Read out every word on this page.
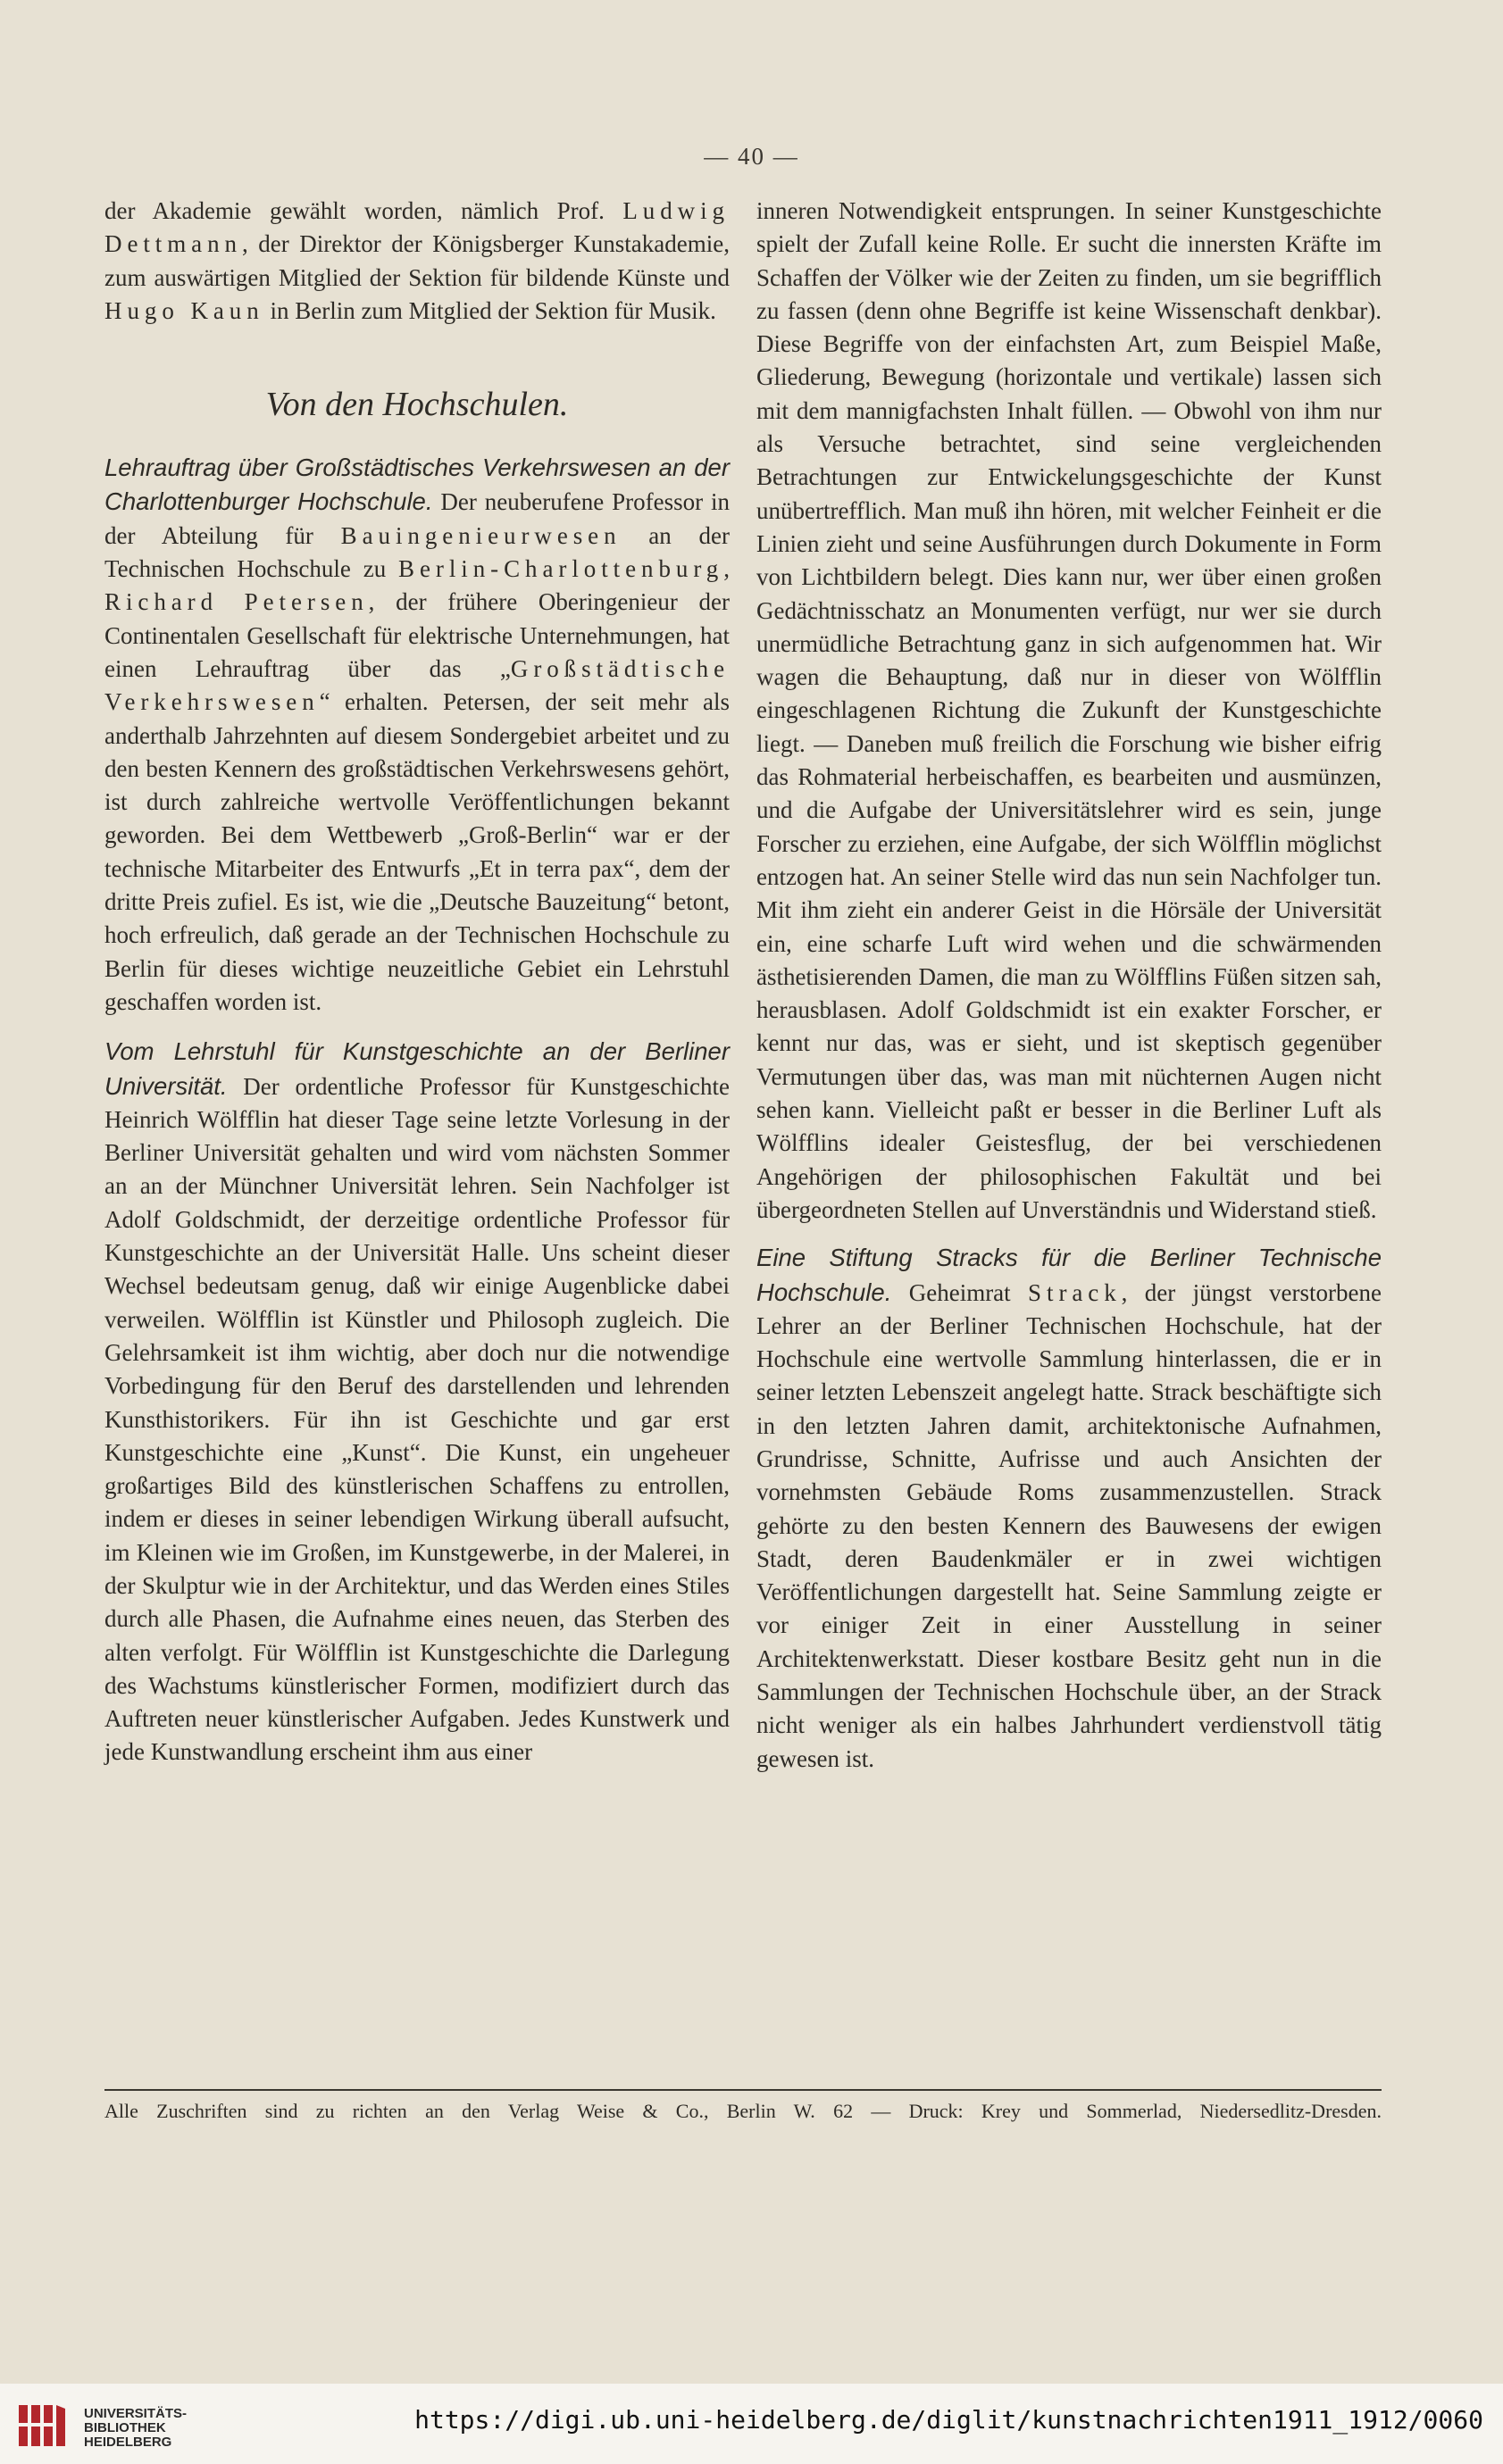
— 40 —

der Akademie gewählt worden, nämlich Prof. Ludwig Dettmann, der Direktor der Königsberger Kunstakademie, zum auswärtigen Mitglied der Sektion für bildende Künste und Hugo Kaun in Berlin zum Mitglied der Sektion für Musik.

Von den Hochschulen.

Lehrauftrag über Großstädtisches Verkehrswesen an der Charlottenburger Hochschule. Der neuberufene Professor in der Abteilung für Bauingenieurwesen an der Technischen Hochschule zu Berlin-Charlottenburg, Richard Petersen, der frühere Oberingenieur der Continentalen Gesellschaft für elektrische Unternehmungen, hat einen Lehrauftrag über das „Großstädtische Verkehrswesen“ erhalten. Petersen, der seit mehr als anderthalb Jahrzehnten auf diesem Sondergebiet arbeitet und zu den besten Kennern des großstädtischen Verkehrswesens gehört, ist durch zahlreiche wertvolle Veröffentlichungen bekannt geworden. Bei dem Wettbewerb „Groß-Berlin“ war er der technische Mitarbeiter des Entwurfs „Et in terra pax“, dem der dritte Preis zufiel. Es ist, wie die „Deutsche Bauzeitung“ betont, hoch erfreulich, daß gerade an der Technischen Hochschule zu Berlin für dieses wichtige neuzeitliche Gebiet ein Lehrstuhl geschaffen worden ist.

Vom Lehrstuhl für Kunstgeschichte an der Berliner Universität. Der ordentliche Professor für Kunstgeschichte Heinrich Wölfflin hat dieser Tage seine letzte Vorlesung in der Berliner Universität gehalten und wird vom nächsten Sommer an an der Münchner Universität lehren. Sein Nachfolger ist Adolf Goldschmidt, der derzeitige ordentliche Professor für Kunstgeschichte an der Universität Halle. Uns scheint dieser Wechsel bedeutsam genug, daß wir einige Augenblicke dabei verweilen. Wölfflin ist Künstler und Philosoph zugleich. Die Gelehrsamkeit ist ihm wichtig, aber doch nur die notwendige Vorbedingung für den Beruf des darstellenden und lehrenden Kunsthistorikers. Für ihn ist Geschichte und gar erst Kunstgeschichte eine „Kunst“. Die Kunst, ein ungeheuer großartiges Bild des künstlerischen Schaffens zu entrollen, indem er dieses in seiner lebendigen Wirkung überall aufsucht, im Kleinen wie im Großen, im Kunstgewerbe, in der Malerei, in der Skulptur wie in der Architektur, und das Werden eines Stiles durch alle Phasen, die Aufnahme eines neuen, das Sterben des alten verfolgt. Für Wölfflin ist Kunstgeschichte die Darlegung des Wachstums künstlerischer Formen, modifiziert durch das Auftreten neuer künstlerischer Aufgaben. Jedes Kunstwerk und jede Kunstwandlung erscheint ihm aus einer

inneren Notwendigkeit entsprungen. In seiner Kunstgeschichte spielt der Zufall keine Rolle. Er sucht die innersten Kräfte im Schaffen der Völker wie der Zeiten zu finden, um sie begrifflich zu fassen (denn ohne Begriffe ist keine Wissenschaft denkbar). Diese Begriffe von der einfachsten Art, zum Beispiel Maße, Gliederung, Bewegung (horizontale und vertikale) lassen sich mit dem mannigfachsten Inhalt füllen. — Obwohl von ihm nur als Versuche betrachtet, sind seine vergleichenden Betrachtungen zur Entwickelungsgeschichte der Kunst unübertrefflich. Man muß ihn hören, mit welcher Feinheit er die Linien zieht und seine Ausführungen durch Dokumente in Form von Lichtbildern belegt. Dies kann nur, wer über einen großen Gedächtnisschatz an Monumenten verfügt, nur wer sie durch unermüdliche Betrachtung ganz in sich aufgenommen hat. Wir wagen die Behauptung, daß nur in dieser von Wölfflin eingeschlagenen Richtung die Zukunft der Kunstgeschichte liegt. — Daneben muß freilich die Forschung wie bisher eifrig das Rohmaterial herbeischaffen, es bearbeiten und ausmünzen, und die Aufgabe der Universitätslehrer wird es sein, junge Forscher zu erziehen, eine Aufgabe, der sich Wölfflin möglichst entzogen hat. An seiner Stelle wird das nun sein Nachfolger tun. Mit ihm zieht ein anderer Geist in die Hörsäle der Universität ein, eine scharfe Luft wird wehen und die schwärmenden ästhetisierenden Damen, die man zu Wölfflins Füßen sitzen sah, herausblasen. Adolf Goldschmidt ist ein exakter Forscher, er kennt nur das, was er sieht, und ist skeptisch gegenüber Vermutungen über das, was man mit nüchternen Augen nicht sehen kann. Vielleicht paßt er besser in die Berliner Luft als Wölfflins idealer Geistesflug, der bei verschiedenen Angehörigen der philosophischen Fakultät und bei übergeordneten Stellen auf Unverständnis und Widerstand stieß.

Eine Stiftung Stracks für die Berliner Technische Hochschule. Geheimrat Strack, der jüngst verstorbene Lehrer an der Berliner Technischen Hochschule, hat der Hochschule eine wertvolle Sammlung hinterlassen, die er in seiner letzten Lebenszeit angelegt hatte. Strack beschäftigte sich in den letzten Jahren damit, architektonische Aufnahmen, Grundrisse, Schnitte, Aufrisse und auch Ansichten der vornehmsten Gebäude Roms zusammenzustellen. Strack gehörte zu den besten Kennern des Bauwesens der ewigen Stadt, deren Baudenkmäler er in zwei wichtigen Veröffentlichungen dargestellt hat. Seine Sammlung zeigte er vor einiger Zeit in einer Ausstellung in seiner Architektenwerkstatt. Dieser kostbare Besitz geht nun in die Sammlungen der Technischen Hochschule über, an der Strack nicht weniger als ein halbes Jahrhundert verdienstvoll tätig gewesen ist.

Alle Zuschriften sind zu richten an den Verlag Weise & Co., Berlin W. 62 — Druck: Krey und Sommerlad, Niedersedlitz-Dresden.
UNIVERSITÄTS-
BIBLIOTHEK
HEIDELBERG
https://digi.ub.uni-heidelberg.de/diglit/kunstnachrichten1911_1912/0060
